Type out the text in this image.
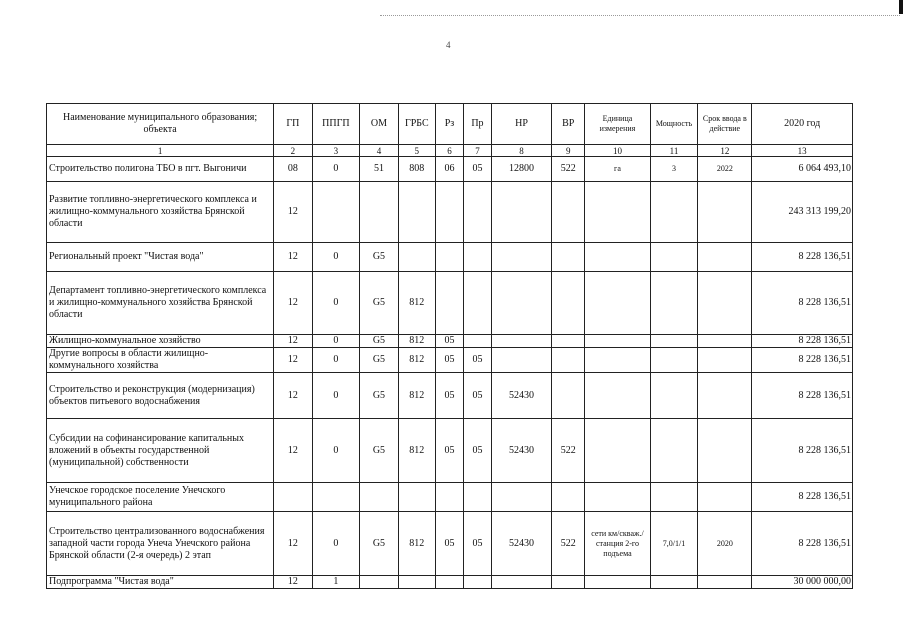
4
Наименование муниципального образования; объекта	ГП	ППГП	ОМ	ГРБС	Рз	Пр	НР	ВР	Единица измерения	Мощность	Срок ввода в действие	2020 год
1	2	3	4	5	6	7	8	9	10	11	12	13
Строительство полигона ТБО в пгт. Выгоничи	08	0	51	808	06	05	12800	522	га	3	2022	6 064 493,10
Развитие топливно-энергетического комплекса и жилищно-коммунального хозяйства Брянской области	12											243 313 199,20
Региональный проект "Чистая вода"	12	0	G5									8 228 136,51
Департамент топливно-энергетического комплекса и жилищно-коммунального хозяйства Брянской области	12	0	G5	812								8 228 136,51
Жилищно-коммунальное хозяйство	12	0	G5	812	05							8 228 136,51
Другие вопросы в области жилищно-коммунального хозяйства	12	0	G5	812	05	05						8 228 136,51
Строительство и реконструкция (модернизация) объектов питьевого водоснабжения	12	0	G5	812	05	05	52430					8 228 136,51
Субсидии на софинансирование капитальных вложений в объекты государственной (муниципальной) собственности	12	0	G5	812	05	05	52430	522				8 228 136,51
Унечское городское поселение Унечского муниципального района												8 228 136,51
Строительство централизованного водоснабжения западной части города Унеча Унечского района Брянской области (2-я очередь) 2 этап	12	0	G5	812	05	05	52430	522	сети км/скваж./станция 2-го подъема	7,0/1/1	2020	8 228 136,51
Подпрограмма "Чистая вода"	12	1										30 000 000,00
